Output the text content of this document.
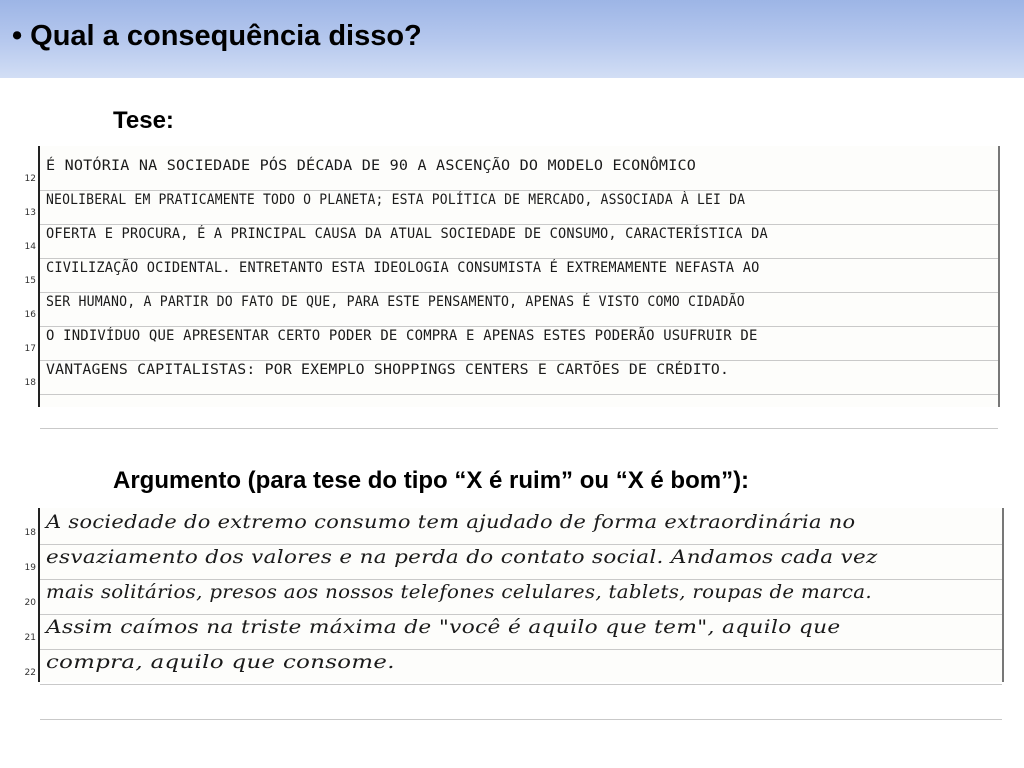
• Qual a consequência disso?
Tese:
12
É NOTÓRIA NA SOCIEDADE PÓS DÉCADA DE 90 A ASCENÇÃO DO MODELO ECONÔMICO
13
NEOLIBERAL EM PRATICAMENTE TODO O PLANETA; ESTA POLÍTICA DE MERCADO, ASSOCIADA À LEI DA
14
OFERTA E PROCURA, É A PRINCIPAL CAUSA DA ATUAL SOCIEDADE DE CONSUMO, CARACTERÍSTICA DA
15
CIVILIZAÇÃO OCIDENTAL. ENTRETANTO ESTA IDEOLOGIA CONSUMISTA É EXTREMAMENTE NEFASTA AO
16
SER HUMANO, A PARTIR DO FATO DE QUE, PARA ESTE PENSAMENTO, APENAS É VISTO COMO CIDADÃO
17
O INDIVÍDUO QUE APRESENTAR CERTO PODER DE COMPRA E APENAS ESTES PODERÃO USUFRUIR DE
18
VANTAGENS CAPITALISTAS: POR EXEMPLO SHOPPINGS CENTERS E CARTÕES DE CRÉDITO.
Argumento (para tese do tipo “X é ruim” ou “X é bom”):
18 A sociedade do extremo consumo tem ajudado de forma extraordinária no
19 esvaziamento dos valores e na perda do contato social. Andamos cada vez
20 mais solitários, presos aos nossos telefones celulares, tablets, roupas de marca.
21 Assim caímos na triste máxima de "você é aquilo que tem", aquilo que
22 compra, aquilo que consome.
